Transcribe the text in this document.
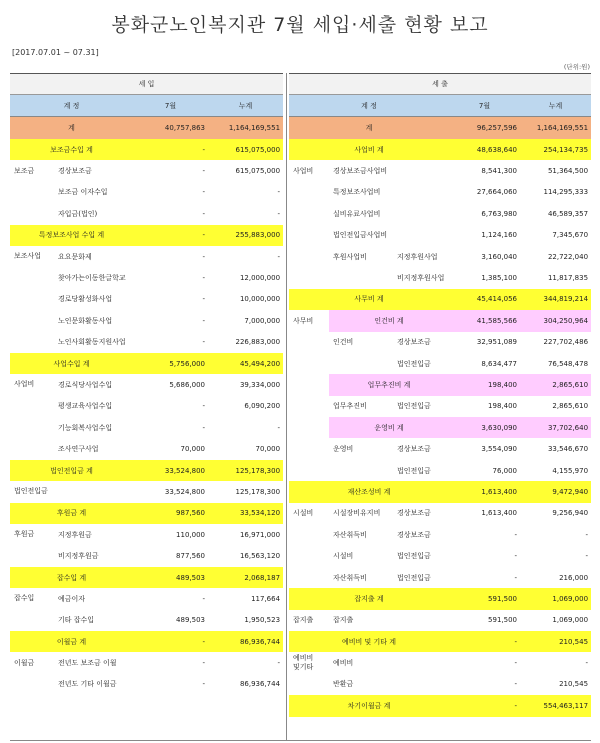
봉화군노인복지관 7월 세입·세출 현황 보고
[2017.07.01 ~ 07.31]
(단위:원)
세 입			
계 정		7월	누계
계		40,757,863	1,164,169,551
보조금수입 계		-	615,075,000
보조금	경상보조금		-	615,075,000
	보조금 이자수입		-	-
	자입금(법인)		-	-
특정보조사업 수입 계		-	255,883,000
보조사업	요요문화제		-	-
	찾아가는이동한글학교		-	12,000,000
	경로당활성화사업		-	10,000,000
	노인문화활동사업		-	7,000,000
	노인사회활동지원사업		-	226,883,000
사업수입 계		5,756,000	45,494,200
사업비	경로식당사업수입		5,686,000	39,334,000
	평생교육사업수입		-	6,090,200
	기능회복사업수입		-	-
	조사연구사업		70,000	70,000
법인전입금 계		33,524,800	125,178,300
법인전입금			33,524,800	125,178,300
후원금 계		987,560	33,534,120
후원금	지정후원금		110,000	16,971,000
	비지정후원금		877,560	16,563,120
잡수입 계		489,503	2,068,187
잡수입	예금이자		-	117,664
	기타 잡수입		489,503	1,950,523
이월금 계		-	86,936,744
이월금	전년도 보조금 이월		-	-
	전년도 기타 이월금		-	86,936,744

세 출				
계 정			7월	누계
계			96,257,596	1,164,169,551
사업비 계			48,638,640	254,134,735
사업비	경상보조금사업비		8,541,300	51,364,500
	특정보조사업비		27,664,060	114,295,333
	실비유료사업비		6,763,980	46,589,357
	법인전입금사업비		1,124,160	7,345,670
	후원사업비	지정후원사업	3,160,040	22,722,040
		비지정후원사업	1,385,100	11,817,835
사무비 계			45,414,056	344,819,214
사무비	인건비 계		41,585,566	304,250,964
	인건비	경상보조금	32,951,089	227,702,486
		법인전입금	8,634,477	76,548,478
	업무추진비 계		198,400	2,865,610
	업무추진비	법인전입금	198,400	2,865,610
	운영비 계		3,630,090	37,702,640
	운영비	경상보조금	3,554,090	33,546,670
		법인전입금	76,000	4,155,970
재산조성비 계			1,613,400	9,472,940
시설비	시설장비유지비	경상보조금	1,613,400	9,256,940
	자산취득비	경상보조금	-	-
	시설비	법인전입금	-	-
	자산취득비	법인전입금	-	216,000
잡지출 계			591,500	1,069,000
잡지출	잡지출		591,500	1,069,000
예비비 및 기타 계			-	210,545
예비비
및기타	예비비		-	-
	반환금		-	210,545
차기이월금 계			-	554,463,117
